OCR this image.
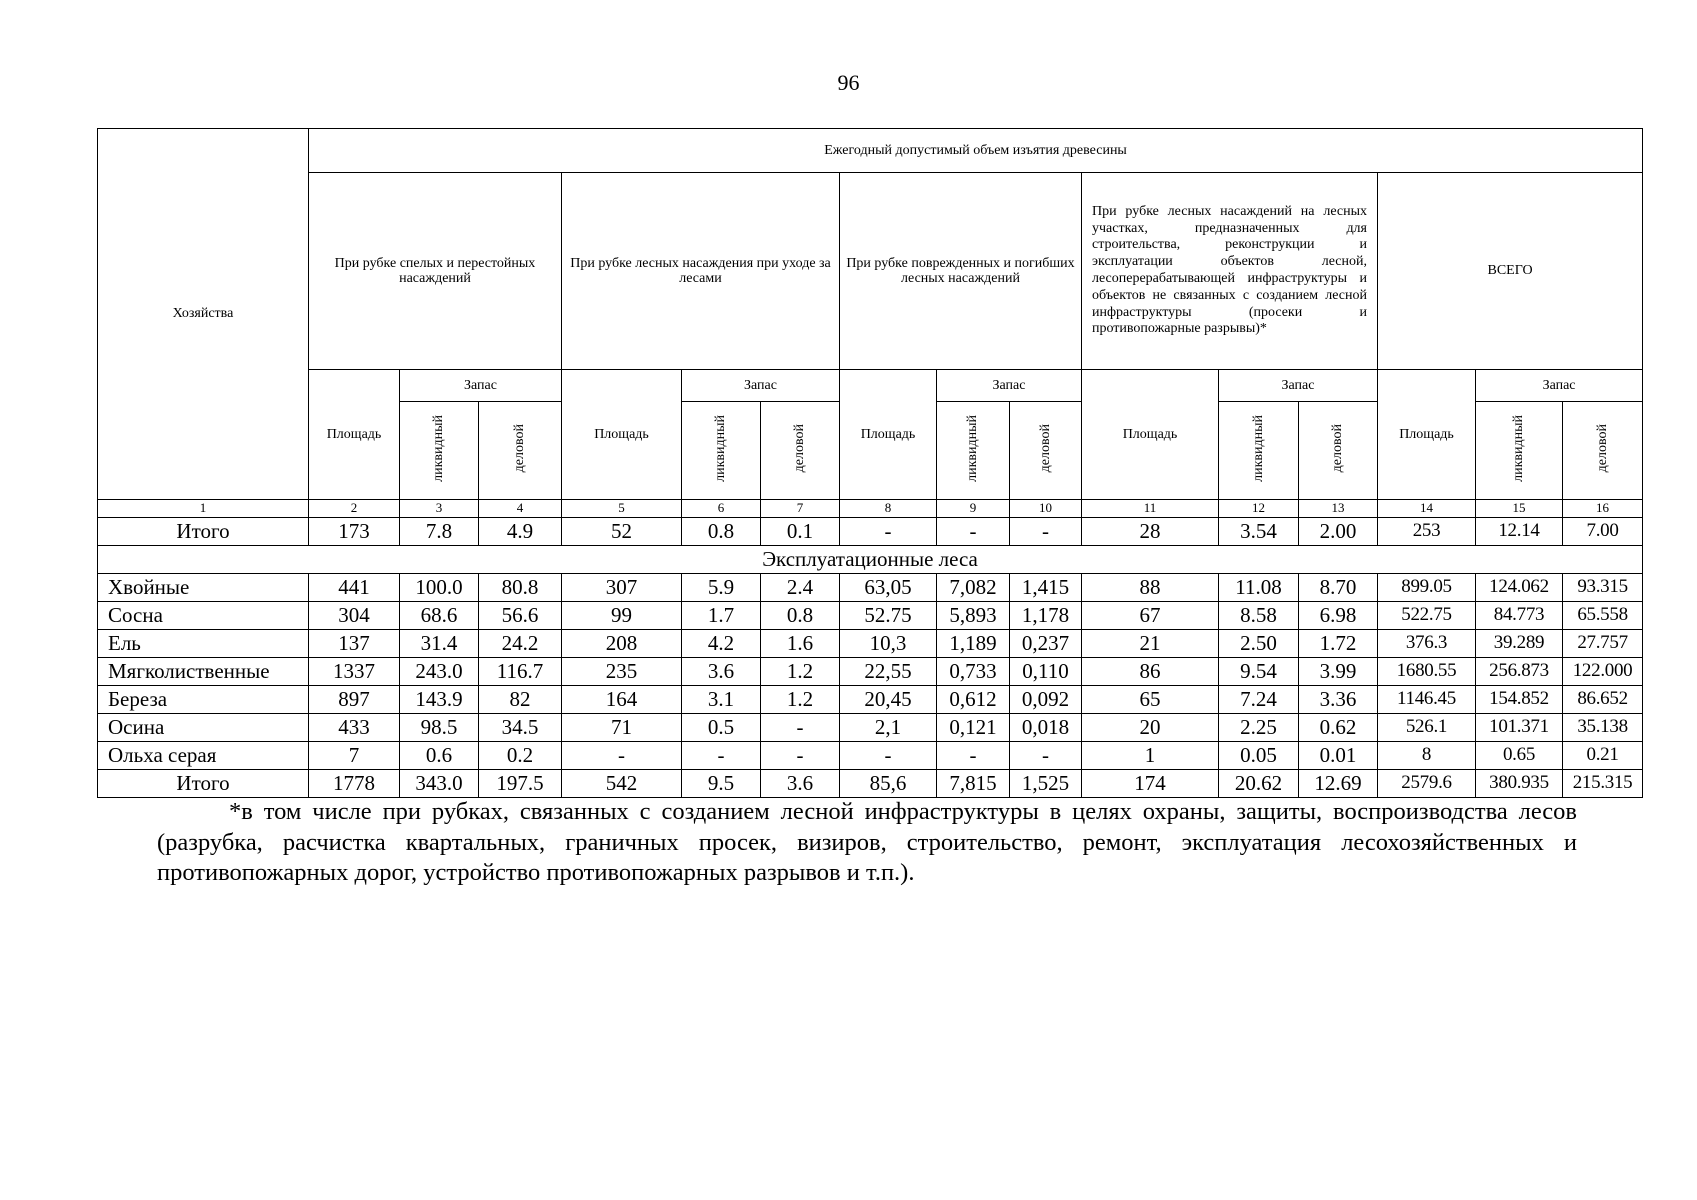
96
Хозяйства	Ежегодный допустимый объем изъятия древесины														
	При рубке спелых и перестойных насаждений			При рубке лесных насаждения при уходе за лесами			При рубке поврежденных и погибших лесных насаждений			При рубке лесных насаждений на лесных участках, предназначенных для строительства, реконструкции и эксплуатации объектов лесной, лесоперерабатывающей инфраструктуры и объектов не связанных с созданием лесной инфраструктуры (просеки и противопожарные разрывы)*			ВСЕГО		
	Площадь	Запас		Площадь	Запас		Площадь	Запас		Площадь	Запас		Площадь	Запас	
		ликвидный	деловой		ликвидный	деловой		ликвидный	деловой		ликвидный	деловой		ликвидный	деловой
1	2	3	4	5	6	7	8	9	10	11	12	13	14	15	16
Итого	173	7.8	4.9	52	0.8	0.1	-	-	-	28	3.54	2.00	253	12.14	7.00
Эксплуатационные леса															
Хвойные	441	100.0	80.8	307	5.9	2.4	63,05	7,082	1,415	88	11.08	8.70	899.05	124.062	93.315
Сосна	304	68.6	56.6	99	1.7	0.8	52.75	5,893	1,178	67	8.58	6.98	522.75	84.773	65.558
Ель	137	31.4	24.2	208	4.2	1.6	10,3	1,189	0,237	21	2.50	1.72	376.3	39.289	27.757
Мягколиственные	1337	243.0	116.7	235	3.6	1.2	22,55	0,733	0,110	86	9.54	3.99	1680.55	256.873	122.000
Береза	897	143.9	82	164	3.1	1.2	20,45	0,612	0,092	65	7.24	3.36	1146.45	154.852	86.652
Осина	433	98.5	34.5	71	0.5	-	2,1	0,121	0,018	20	2.25	0.62	526.1	101.371	35.138
Ольха серая	7	0.6	0.2	-	-	-	-	-	-	1	0.05	0.01	8	0.65	0.21
Итого	1778	343.0	197.5	542	9.5	3.6	85,6	7,815	1,525	174	20.62	12.69	2579.6	380.935	215.315
*в том числе при рубках, связанных с созданием лесной инфраструктуры в целях охраны, защиты, воспроизводства лесов (разрубка, расчистка квартальных, граничных просек, визиров, строительство, ремонт, эксплуатация лесохозяйственных и противопожарных дорог, устройство противопожарных разрывов и т.п.).
